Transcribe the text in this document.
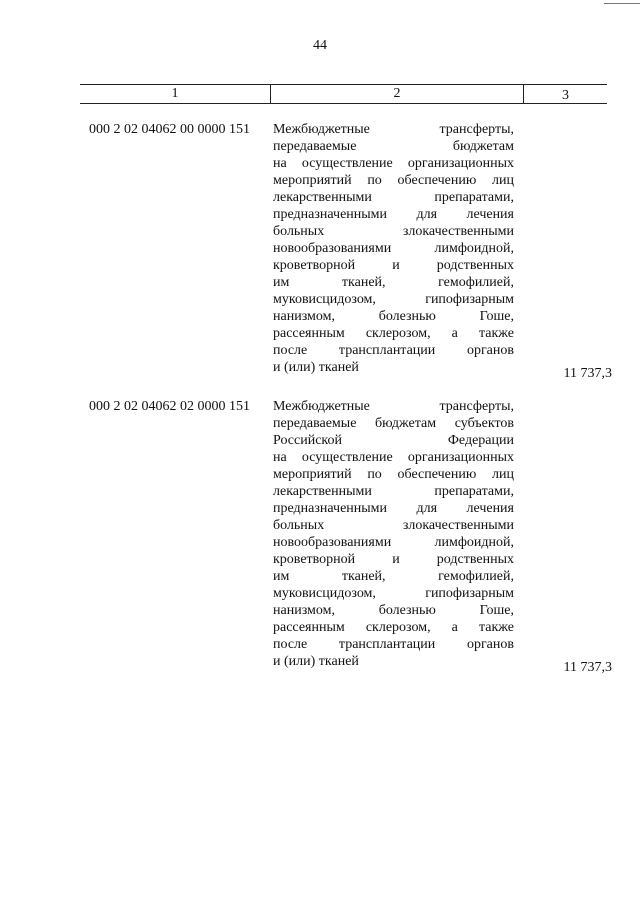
44
1	2	3
000 2 02 04062 00 0000 151 Межбюджетные трансферты,
передаваемые бюджетам
на осуществление организационных
мероприятий по обеспечению лиц
лекарственными препаратами,
предназначенными для лечения
больных злокачественными
новообразованиями лимфоидной,
кроветворной и родственных
им тканей, гемофилией,
муковисцидозом, гипофизарным
нанизмом, болезнью Гоше,
рассеянным склерозом, а также
после трансплантации органов
и (или) тканей	11 737,3
000 2 02 04062 02 0000 151 Межбюджетные трансферты,
передаваемые бюджетам субъектов
Российской Федерации
на осуществление организационных
мероприятий по обеспечению лиц
лекарственными препаратами,
предназначенными для лечения
больных злокачественными
новообразованиями лимфоидной,
кроветворной и родственных
им тканей, гемофилией,
муковисцидозом, гипофизарным
нанизмом, болезнью Гоше,
рассеянным склерозом, а также
после трансплантации органов
и (или) тканей	11 737,3
